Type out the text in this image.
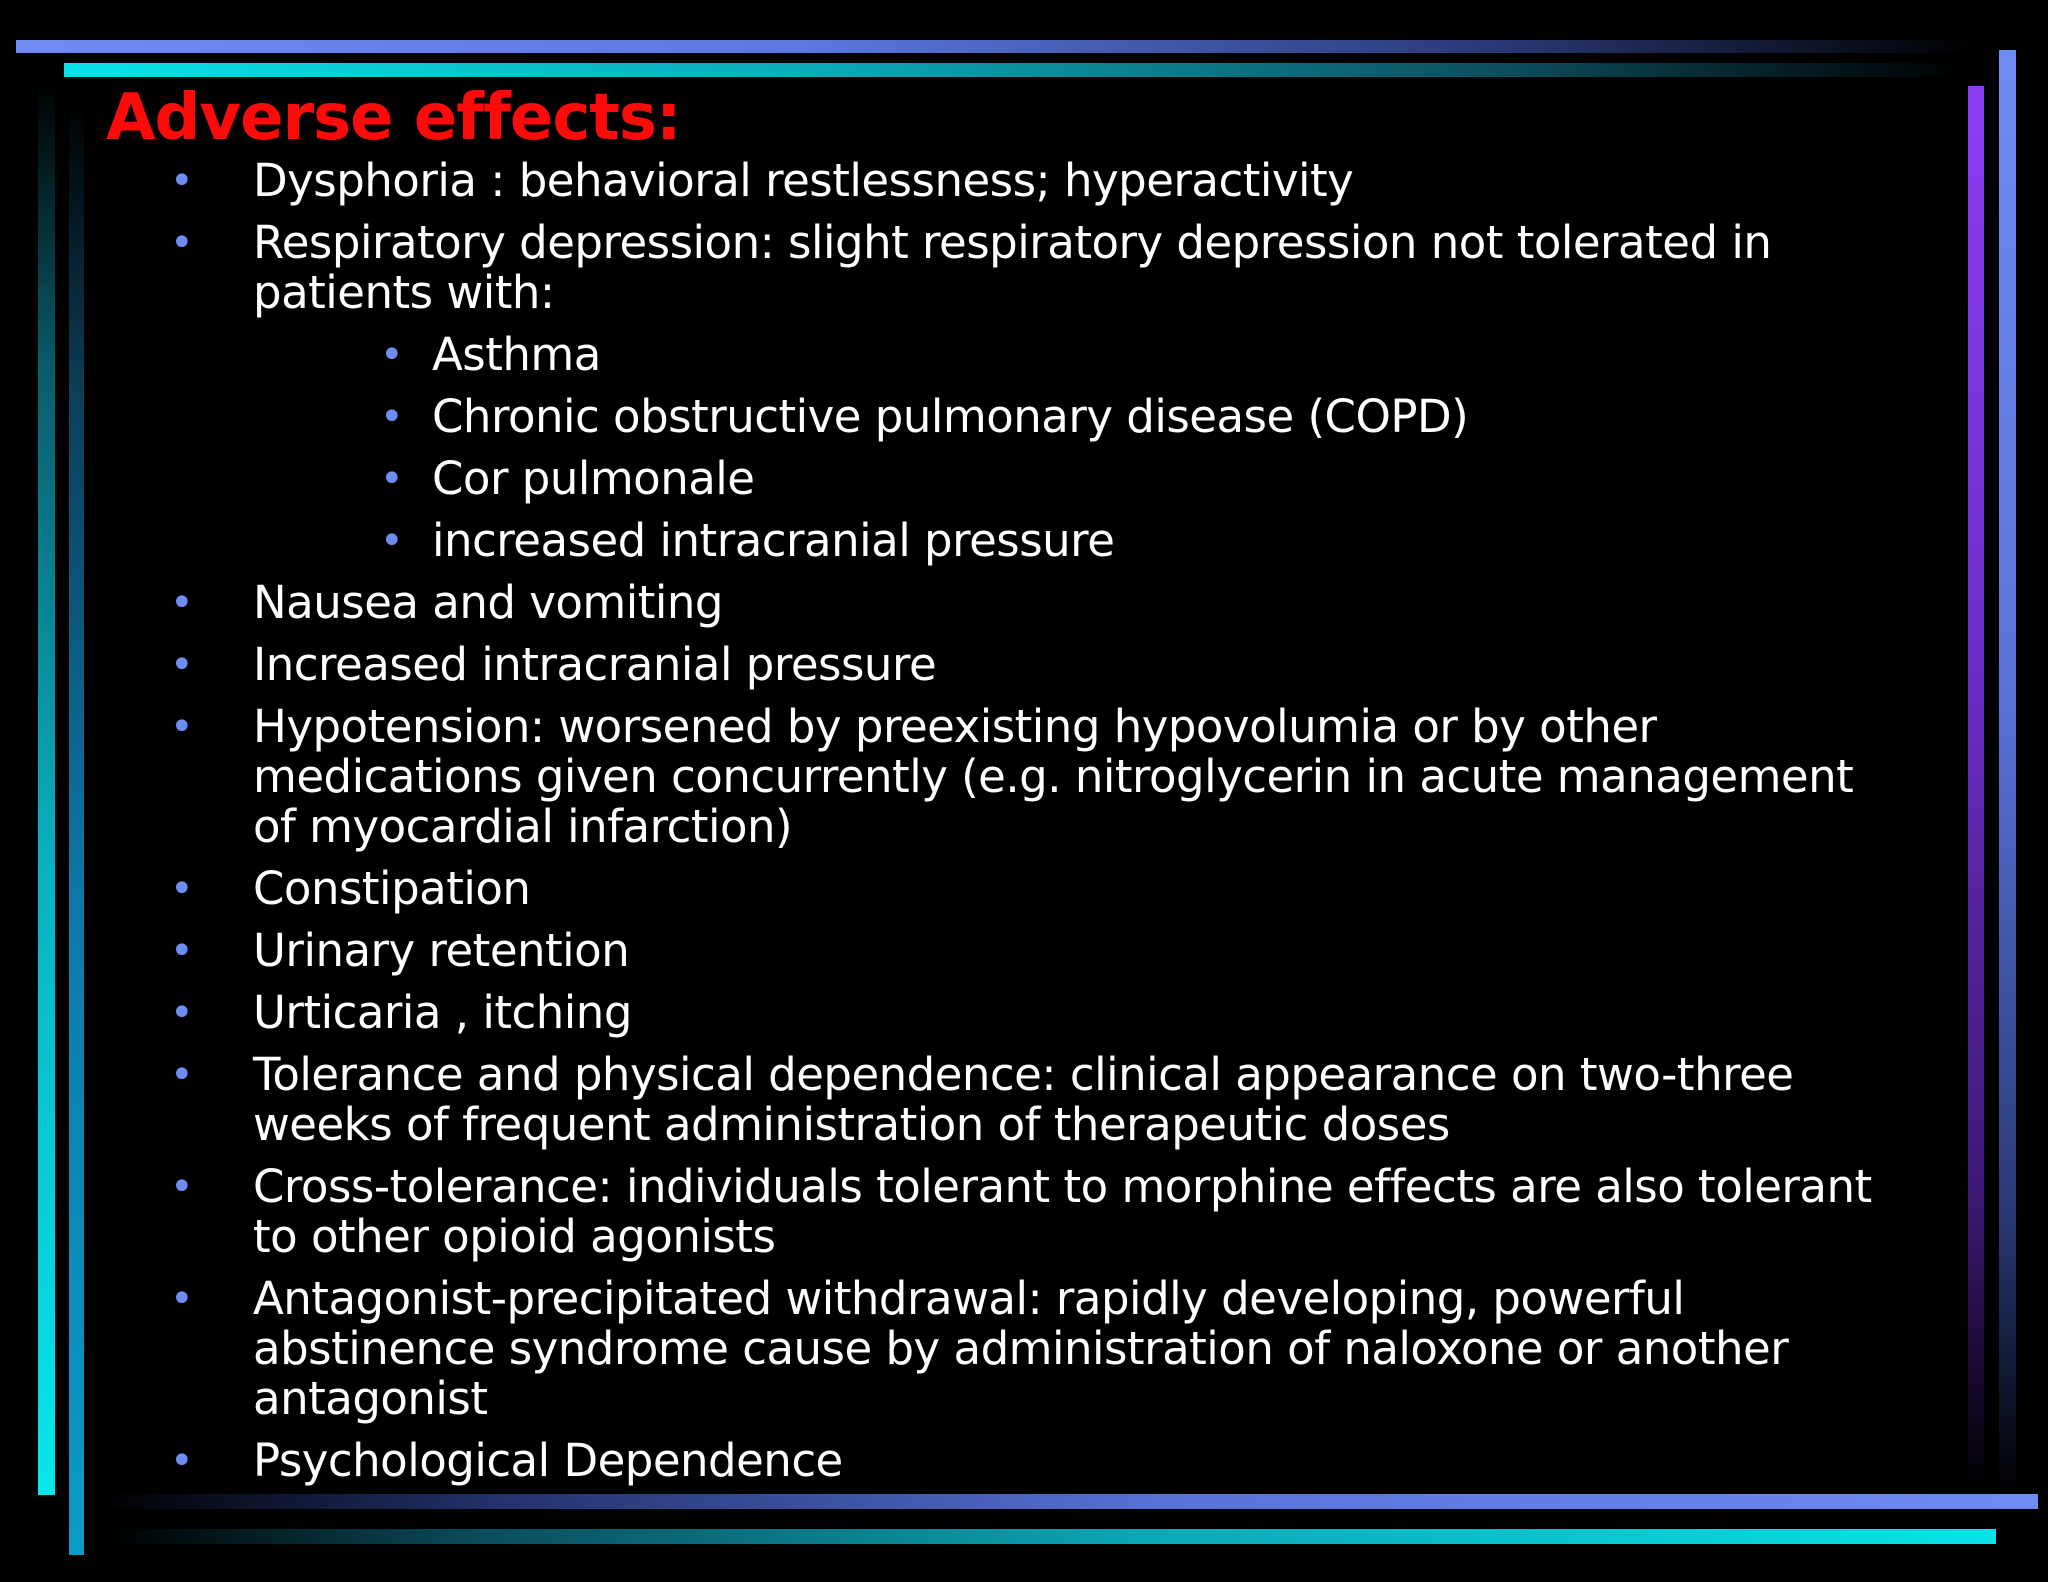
Adverse effects:
• Dysphoria : behavioral restlessness; hyperactivity
• Respiratory depression: slight respiratory depression not tolerated in patients with:
• Asthma
• Chronic obstructive pulmonary disease (COPD)
• Cor pulmonale
• increased intracranial pressure
• Nausea and vomiting
• Increased intracranial pressure
• Hypotension: worsened by preexisting hypovolumia or by other medications given concurrently (e.g. nitroglycerin in acute management of myocardial infarction)
• Constipation
• Urinary retention
• Urticaria , itching
• Tolerance and physical dependence: clinical appearance on two-three weeks of frequent administration of therapeutic doses
• Cross-tolerance: individuals tolerant to morphine effects are also tolerant to other opioid agonists
• Antagonist-precipitated withdrawal: rapidly developing, powerful abstinence syndrome cause by administration of naloxone or another antagonist
• Psychological Dependence
